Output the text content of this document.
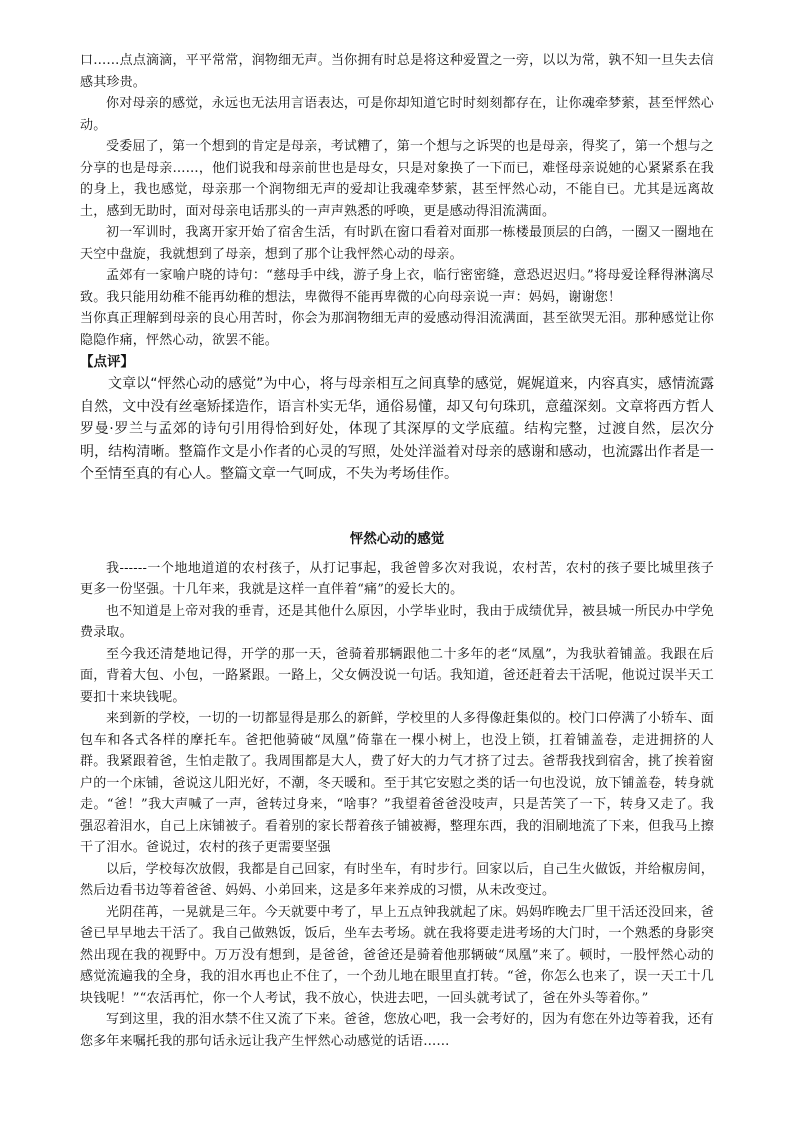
口……点点滴滴，平平常常，润物细无声。当你拥有时总是将这种爱置之一旁，以以为常，孰不知一旦失去信感其珍贵。

你对母亲的感觉，永远也无法用言语表达，可是你却知道它时时刻刻都存在，让你魂牵梦萦，甚至怦然心动。

受委屈了，第一个想到的肯定是母亲，考试糟了，第一个想与之诉哭的也是母亲，得奖了，第一个想与之分享的也是母亲……，他们说我和母亲前世也是母女，只是对象换了一下而已，难怪母亲说她的心紧紧系在我的身上，我也感觉，母亲那一个润物细无声的爱却让我魂牵梦萦，甚至怦然心动，不能自已。尤其是远离故土，感到无助时，面对母亲电话那头的一声声熟悉的呼唤，更是感动得泪流满面。

初一军训时，我离开家开始了宿舍生活，有时趴在窗口看着对面那一栋楼最顶层的白鸽，一圈又一圈地在天空中盘旋，我就想到了母亲，想到了那个让我怦然心动的母亲。

孟郊有一家喻户晓的诗句：“慈母手中线，游子身上衣，临行密密缝，意恐迟迟归。”将母爱诠释得淋漓尽致。我只能用幼稚不能再幼稚的想法，卑微得不能再卑微的心向母亲说一声：妈妈，谢谢您！

当你真正理解到母亲的良心用苦时，你会为那润物细无声的爱感动得泪流满面，甚至欲哭无泪。那种感觉让你隐隐作痛，怦然心动，欲罢不能。

【点评】

文章以“怦然心动的感觉”为中心，将与母亲相互之间真挚的感觉，娓娓道来，内容真实，感情流露自然，文中没有丝毫矫揉造作，语言朴实无华，通俗易懂，却又句句珠玑，意蕴深刻。文章将西方哲人罗曼·罗兰与孟郊的诗句引用得恰到好处，体现了其深厚的文学底蕴。结构完整，过渡自然，层次分明，结构清晰。整篇作文是小作者的心灵的写照，处处洋溢着对母亲的感谢和感动，也流露出作者是一个至情至真的有心人。整篇文章一气呵成，不失为考场佳作。

怦然心动的感觉

我------一个地地道道的农村孩子，从打记事起，我爸曾多次对我说，农村苦，农村的孩子要比城里孩子更多一份坚强。十几年来，我就是这样一直伴着“痛”的爱长大的。

也不知道是上帝对我的垂青，还是其他什么原因，小学毕业时，我由于成绩优异，被县城一所民办中学免费录取。

至今我还清楚地记得，开学的那一天，爸骑着那辆跟他二十多年的老“凤凰”，为我驮着铺盖。我跟在后面，背着大包、小包，一路紧跟。一路上，父女俩没说一句话。我知道，爸还赶着去干活呢，他说过误半天工要扣十来块钱呢。

来到新的学校，一切的一切都显得是那么的新鲜，学校里的人多得像赶集似的。校门口停满了小轿车、面包车和各式各样的摩托车。爸把他骑破“凤凰”倚靠在一棵小树上，也没上锁，扛着铺盖卷，走进拥挤的人群。我紧跟着爸，生怕走散了。我周围都是大人，费了好大的力气才挤了过去。爸帮我找到宿舍，挑了挨着窗户的一个床铺，爸说这儿阳光好，不潮，冬天暖和。至于其它安慰之类的话一句也没说，放下铺盖卷，转身就走。“爸！”我大声喊了一声，爸转过身来，“啥事？”我望着爸爸没吱声，只是苦笑了一下，转身又走了。我强忍着泪水，自己上床铺被子。看着别的家长帮着孩子铺被褥，整理东西，我的泪刷地流了下来，但我马上擦干了泪水。爸说过，农村的孩子更需要坚强

以后，学校每次放假，我都是自己回家，有时坐车，有时步行。回家以后，自己生火做饭，并给椒房间，然后边看书边等着爸爸、妈妈、小弟回来，这是多年来养成的习惯，从未改变过。

光阴荏苒，一晃就是三年。今天就要中考了，早上五点钟我就起了床。妈妈昨晚去厂里干活还没回来，爸爸已早早地去干活了。我自己做熟饭，饭后，坐车去考场。就在我将要走进考场的大门时，一个熟悉的身影突然出现在我的视野中。万万没有想到，是爸爸，爸爸还是骑着他那辆破“凤凰”来了。顿时，一股怦然心动的感觉流遍我的全身，我的泪水再也止不住了，一个劲儿地在眼里直打转。“爸，你怎么也来了，误一天工十几块钱呢！”“农活再忙，你一个人考试，我不放心，快进去吧，一回头就考试了，爸在外头等着你。”

写到这里，我的泪水禁不住又流了下来。爸爸，您放心吧，我一会考好的，因为有您在外边等着我，还有您多年来嘱托我的那句话永远让我产生怦然心动感觉的话语……
